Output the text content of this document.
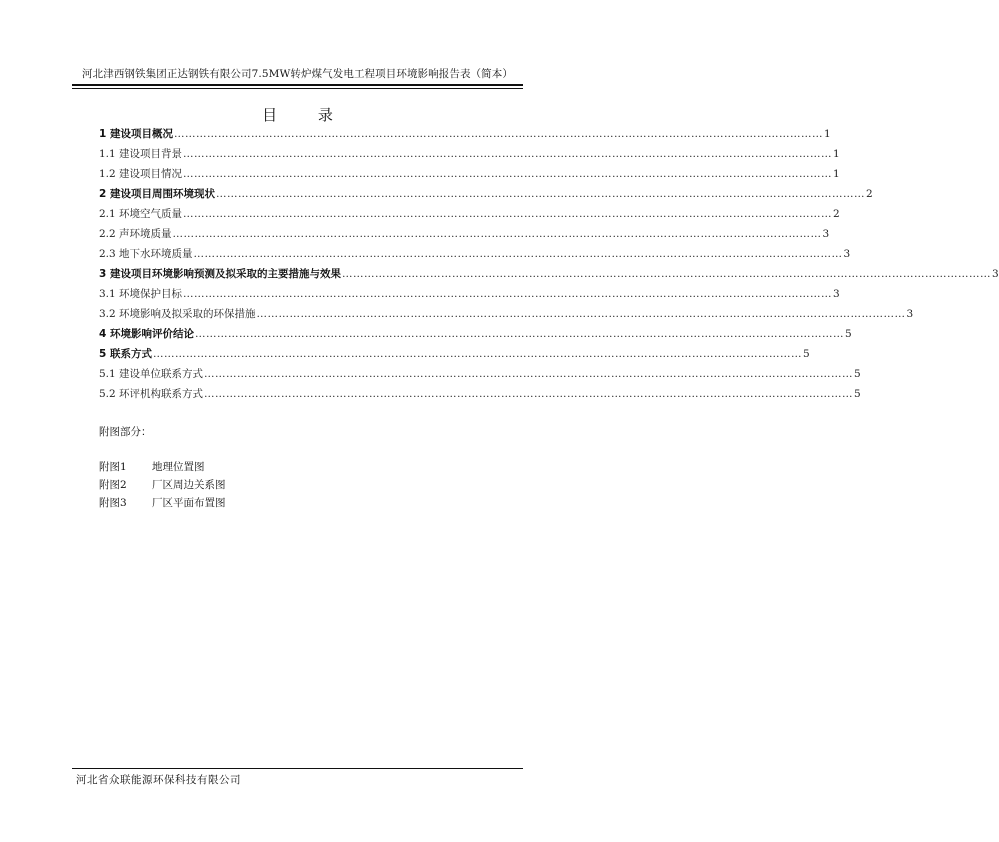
河北津西钢铁集团正达钢铁有限公司7.5MW转炉煤气发电工程项目环境影响报告表（简本）
目 录
1 建设项目概况 …………………………………………………………………………………………………………………………………………………………… 1
1.1 建设项目背景 …………………………………………………………………………………………………………………………………………………………… 1
1.2 建设项目情况 …………………………………………………………………………………………………………………………………………………………… 1
2 建设项目周围环境现状 …………………………………………………………………………………………………………………………………………………………… 2
2.1 环境空气质量 …………………………………………………………………………………………………………………………………………………………… 2
2.2 声环境质量 …………………………………………………………………………………………………………………………………………………………… 3
2.3 地下水环境质量 …………………………………………………………………………………………………………………………………………………………… 3
3 建设项目环境影响预测及拟采取的主要措施与效果 …………………………………………………………………………………………………………………………………………………………… 3
3.1 环境保护目标 …………………………………………………………………………………………………………………………………………………………… 3
3.2 环境影响及拟采取的环保措施 …………………………………………………………………………………………………………………………………………………………… 3
4 环境影响评价结论 …………………………………………………………………………………………………………………………………………………………… 5
5 联系方式 …………………………………………………………………………………………………………………………………………………………… 5
5.1 建设单位联系方式 …………………………………………………………………………………………………………………………………………………………… 5
5.2 环评机构联系方式 …………………………………………………………………………………………………………………………………………………………… 5
附图部分：
附图1	地理位置图
附图2	厂区周边关系图
附图3	厂区平面布置图
河北省众联能源环保科技有限公司
